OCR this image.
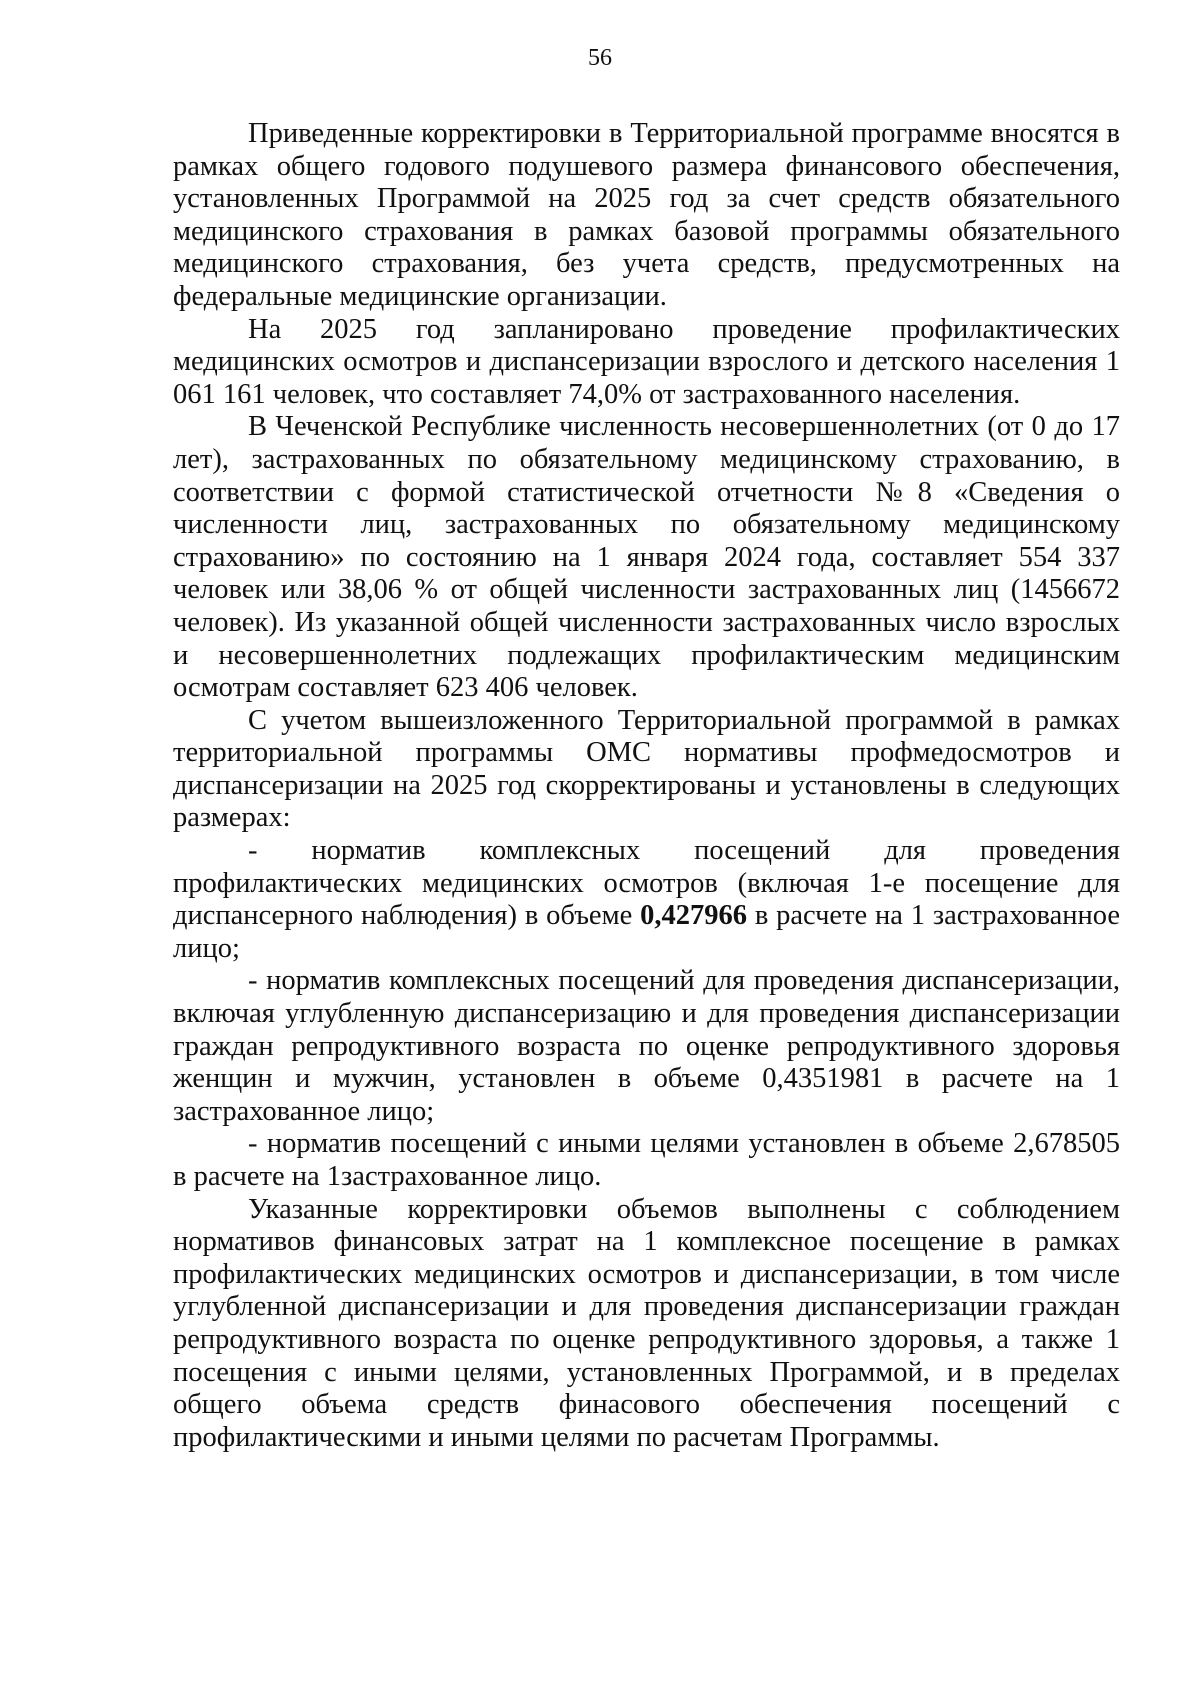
56

Приведенные корректировки в Территориальной программе вносятся в рамках общего годового подушевого размера финансового обеспечения, установленных Программой на 2025 год за счет средств обязательного медицинского страхования в рамках базовой программы обязательного медицинского страхования, без учета средств, предусмотренных на федеральные медицинские организации.

На 2025 год запланировано проведение профилактических медицинских осмотров и диспансеризации взрослого и детского населения 1 061 161 человек, что составляет 74,0% от застрахованного населения.

В Чеченской Республике численность несовершеннолетних (от 0 до 17 лет), застрахованных по обязательному медицинскому страхованию, в соответствии с формой статистической отчетности №8 «Сведения о численности лиц, застрахованных по обязательному медицинскому страхованию» по состоянию на 1 января 2024 года, составляет 554 337 человек или 38,06 % от общей численности застрахованных лиц (1456672 человек). Из указанной общей численности застрахованных число взрослых и несовершеннолетних подлежащих профилактическим медицинским осмотрам составляет 623 406 человек.

С учетом вышеизложенного Территориальной программой в рамках территориальной программы ОМС нормативы профмедосмотров и диспансеризации на 2025 год скорректированы и установлены в следующих размерах:

- норматив комплексных посещений для проведения профилактических медицинских осмотров (включая 1-е посещение для диспансерного наблюдения) в объеме 0,427966 в расчете на 1 застрахованное лицо;

- норматив комплексных посещений для проведения диспансеризации, включая углубленную диспансеризацию и для проведения диспансеризации граждан репродуктивного возраста по оценке репродуктивного здоровья женщин и мужчин, установлен в объеме 0,4351981 в расчете на 1 застрахованное лицо;

- норматив посещений с иными целями установлен в объеме 2,678505 в расчете на 1застрахованное лицо.

Указанные корректировки объемов выполнены с соблюдением нормативов финансовых затрат на 1 комплексное посещение в рамках профилактических медицинских осмотров и диспансеризации, в том числе углубленной диспансеризации и для проведения диспансеризации граждан репродуктивного возраста по оценке репродуктивного здоровья, а также 1 посещения с иными целями, установленных Программой, и в пределах общего объема средств финасового обеспечения посещений с профилактическими и иными целями по расчетам Программы.
